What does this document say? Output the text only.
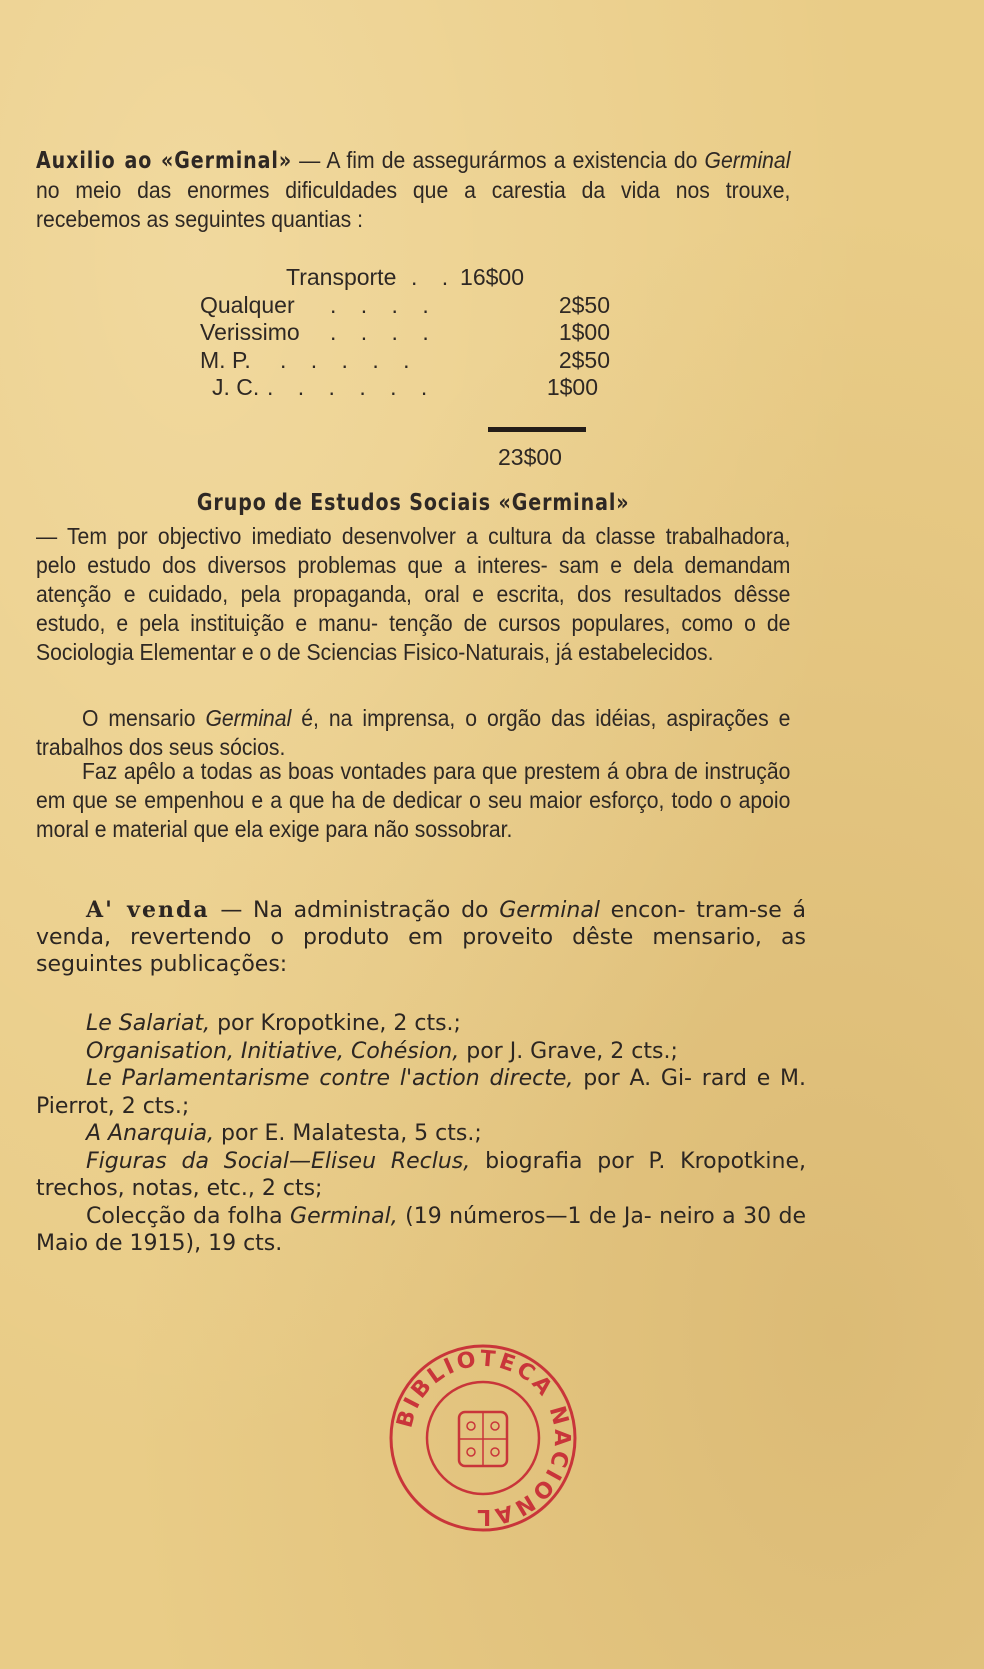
Auxilio ao «Germinal» — A fim de assegurármos a existencia do Germinal no meio das enormes dificuldades que a carestia da vida nos trouxe, recebemos as seguintes quantias :
Transporte . . 16$00
Qualquer . . . .	2$50
Verissimo . . . .	1$00
M. P. . . . . .	2$50
J. C. . . . . . .	1$00
23$00
Grupo de Estudos Sociais «Germinal»
— Tem por objectivo imediato desenvolver a cultura da classe trabalhadora, pelo estudo dos diversos problemas que a interes- sam e dela demandam atenção e cuidado, pela propaganda, oral e escrita, dos resultados dêsse estudo, e pela instituição e manu- tenção de cursos populares, como o de Sociologia Elementar e o de Sciencias Fisico-Naturais, já estabelecidos.
O mensario Germinal é, na imprensa, o orgão das idéias, aspirações e trabalhos dos seus sócios.
Faz apêlo a todas as boas vontades para que prestem á obra de instrução em que se empenhou e a que ha de dedicar o seu maior esforço, todo o apoio moral e material que ela exige para não sossobrar.
A' venda — Na administração do Germinal encon- tram-se á venda, revertendo o produto em proveito dêste mensario, as seguintes publicações:

Le Salariat, por Kropotkine, 2 cts.;

Organisation, Initiative, Cohésion, por J. Grave, 2 cts.;

Le Parlamentarisme contre l'action directe, por A. Gi- rard e M. Pierrot, 2 cts.;

A Anarquia, por E. Malatesta, 5 cts.;

Figuras da Social—Eliseu Reclus, biografia por P. Kropotkine, trechos, notas, etc., 2 cts;

Colecção da folha Germinal, (19 números—1 de Ja- neiro a 30 de Maio de 1915), 19 cts.

BIBLIOTECA NACIONAL
